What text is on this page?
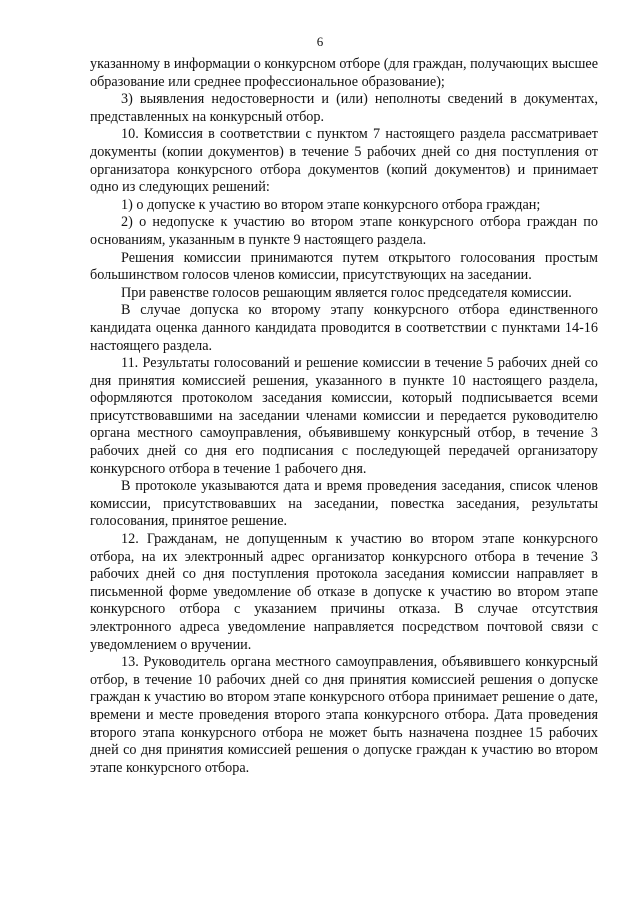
6

указанному в информации о конкурсном отборе (для граждан, получающих высшее образование или среднее профессиональное образование);

3) выявления недостоверности и (или) неполноты сведений в документах, представленных на конкурсный отбор.

10. Комиссия в соответствии с пунктом 7 настоящего раздела рассматривает документы (копии документов) в течение 5 рабочих дней со дня поступления от организатора конкурсного отбора документов (копий документов) и принимает одно из следующих решений:

1) о допуске к участию во втором этапе конкурсного отбора граждан;

2) о недопуске к участию во втором этапе конкурсного отбора граждан по основаниям, указанным в пункте 9 настоящего раздела.

Решения комиссии принимаются путем открытого голосования простым большинством голосов членов комиссии, присутствующих на заседании.

При равенстве голосов решающим является голос председателя комиссии.

В случае допуска ко второму этапу конкурсного отбора единственного кандидата оценка данного кандидата проводится в соответствии с пунктами 14-16 настоящего раздела.

11. Результаты голосований и решение комиссии в течение 5 рабочих дней со дня принятия комиссией решения, указанного в пункте 10 настоящего раздела, оформляются протоколом заседания комиссии, который подписывается всеми присутствовавшими на заседании членами комиссии и передается руководителю органа местного самоуправления, объявившему конкурсный отбор, в течение 3 рабочих дней со дня его подписания с последующей передачей организатору конкурсного отбора в течение 1 рабочего дня.

В протоколе указываются дата и время проведения заседания, список членов комиссии, присутствовавших на заседании, повестка заседания, результаты голосования, принятое решение.

12. Гражданам, не допущенным к участию во втором этапе конкурсного отбора, на их электронный адрес организатор конкурсного отбора в течение 3 рабочих дней со дня поступления протокола заседания комиссии направляет в письменной форме уведомление об отказе в допуске к участию во втором этапе конкурсного отбора с указанием причины отказа. В случае отсутствия электронного адреса уведомление направляется посредством почтовой связи с уведомлением о вручении.

13. Руководитель органа местного самоуправления, объявившего конкурсный отбор, в течение 10 рабочих дней со дня принятия комиссией решения о допуске граждан к участию во втором этапе конкурсного отбора принимает решение о дате, времени и месте проведения второго этапа конкурсного отбора. Дата проведения второго этапа конкурсного отбора не может быть назначена позднее 15 рабочих дней со дня принятия комиссией решения о допуске граждан к участию во втором этапе конкурсного отбора.
